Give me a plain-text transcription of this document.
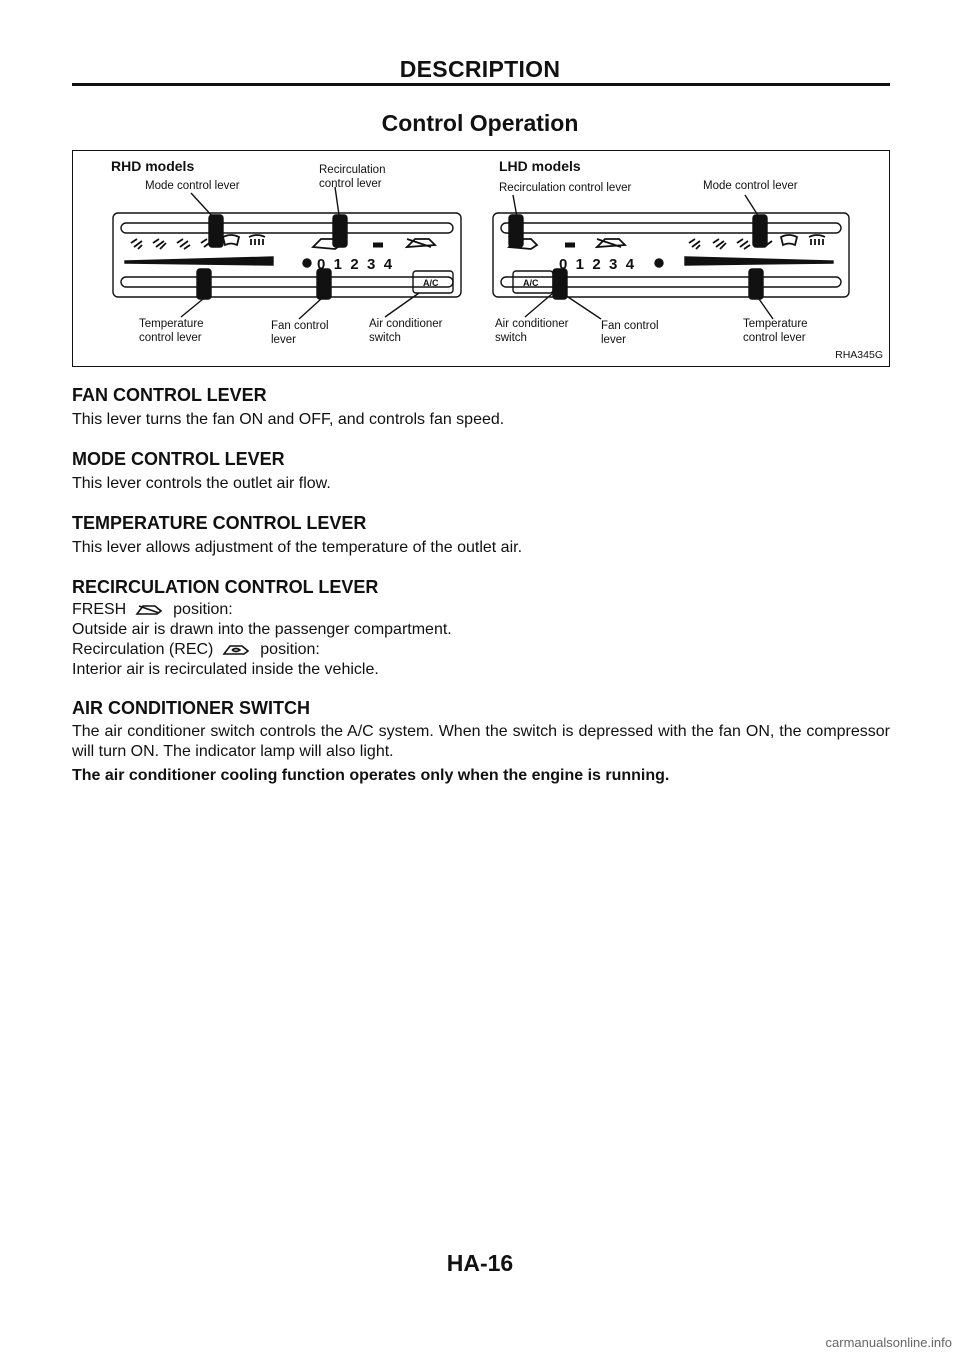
DESCRIPTION
Control Operation
0  1  2  3  4	0  1  2  3  4
A/C	A/C
RHD models
Mode control lever
Recirculation
control lever
Temperature
control lever
Fan control
lever
Air conditioner
switch
LHD models
Recirculation control lever	Mode control lever
Air conditioner
switch
Fan control
lever
Temperature
control lever
RHA345G
FAN CONTROL LEVER
This lever turns the fan ON and OFF, and controls fan speed.
MODE CONTROL LEVER
This lever controls the outlet air flow.
TEMPERATURE CONTROL LEVER
This lever allows adjustment of the temperature of the outlet air.
RECIRCULATION CONTROL LEVER
FRESH	position:
Outside air is drawn into the passenger compartment.
Recirculation (REC)	position:
Interior air is recirculated inside the vehicle.
AIR CONDITIONER SWITCH
The air conditioner switch controls the A/C system. When the switch is depressed with the fan ON, the compressor will turn ON. The indicator lamp will also light.
The air conditioner cooling function operates only when the engine is running.
HA-16
carmanualsonline.info
